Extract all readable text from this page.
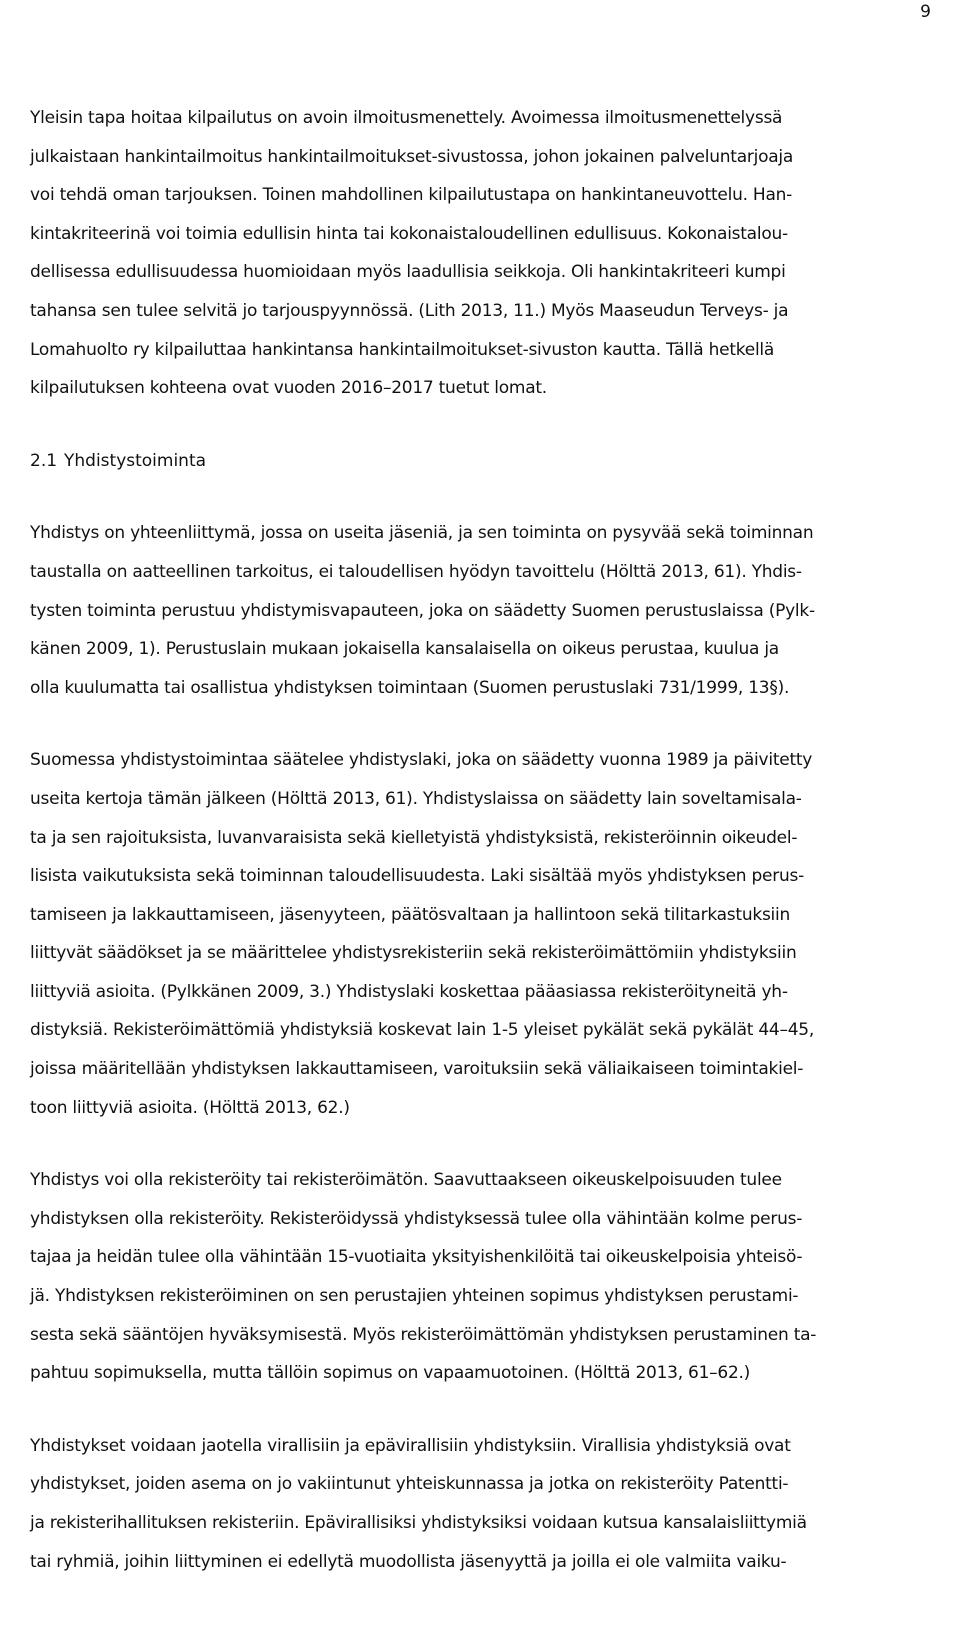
9
Yleisin tapa hoitaa kilpailutus on avoin ilmoitusmenettely. Avoimessa ilmoitusmenettelyssä
julkaistaan hankintailmoitus hankintailmoitukset-sivustossa, johon jokainen palveluntarjoaja
voi tehdä oman tarjouksen. Toinen mahdollinen kilpailutustapa on hankintaneuvottelu. Han-
kintakriteerinä voi toimia edullisin hinta tai kokonaistaloudellinen edullisuus. Kokonaistalou-
dellisessa edullisuudessa huomioidaan myös laadullisia seikkoja. Oli hankintakriteeri kumpi
tahansa sen tulee selvitä jo tarjouspyynnössä. (Lith 2013, 11.) Myös Maaseudun Terveys- ja
Lomahuolto ry kilpailuttaa hankintansa hankintailmoitukset-sivuston kautta. Tällä hetkellä
kilpailutuksen kohteena ovat vuoden 2016–2017 tuetut lomat.
2.1 Yhdistystoiminta
Yhdistys on yhteenliittymä, jossa on useita jäseniä, ja sen toiminta on pysyvää sekä toiminnan
taustalla on aatteellinen tarkoitus, ei taloudellisen hyödyn tavoittelu (Hölttä 2013, 61). Yhdis-
tysten toiminta perustuu yhdistymisvapauteen, joka on säädetty Suomen perustuslaissa (Pylk-
känen 2009, 1). Perustuslain mukaan jokaisella kansalaisella on oikeus perustaa, kuulua ja
olla kuulumatta tai osallistua yhdistyksen toimintaan (Suomen perustuslaki 731/1999, 13§).
Suomessa yhdistystoimintaa säätelee yhdistyslaki, joka on säädetty vuonna 1989 ja päivitetty
useita kertoja tämän jälkeen (Hölttä 2013, 61). Yhdistyslaissa on säädetty lain soveltamisala-
ta ja sen rajoituksista, luvanvaraisista sekä kielletyistä yhdistyksistä, rekisteröinnin oikeudel-
lisista vaikutuksista sekä toiminnan taloudellisuudesta. Laki sisältää myös yhdistyksen perus-
tamiseen ja lakkauttamiseen, jäsenyyteen, päätösvaltaan ja hallintoon sekä tilitarkastuksiin
liittyvät säädökset ja se määrittelee yhdistysrekisteriin sekä rekisteröimättömiin yhdistyksiin
liittyviä asioita. (Pylkkänen 2009, 3.) Yhdistyslaki koskettaa pääasiassa rekisteröityneitä yh-
distyksiä. Rekisteröimättömiä yhdistyksiä koskevat lain 1-5 yleiset pykälät sekä pykälät 44–45,
joissa määritellään yhdistyksen lakkauttamiseen, varoituksiin sekä väliaikaiseen toimintakiel-
toon liittyviä asioita. (Hölttä 2013, 62.)
Yhdistys voi olla rekisteröity tai rekisteröimätön. Saavuttaakseen oikeuskelpoisuuden tulee
yhdistyksen olla rekisteröity. Rekisteröidyssä yhdistyksessä tulee olla vähintään kolme perus-
tajaa ja heidän tulee olla vähintään 15-vuotiaita yksityishenkilöitä tai oikeuskelpoisia yhteisö-
jä. Yhdistyksen rekisteröiminen on sen perustajien yhteinen sopimus yhdistyksen perustami-
sesta sekä sääntöjen hyväksymisestä. Myös rekisteröimättömän yhdistyksen perustaminen ta-
pahtuu sopimuksella, mutta tällöin sopimus on vapaamuotoinen. (Hölttä 2013, 61–62.)
Yhdistykset voidaan jaotella virallisiin ja epävirallisiin yhdistyksiin. Virallisia yhdistyksiä ovat
yhdistykset, joiden asema on jo vakiintunut yhteiskunnassa ja jotka on rekisteröity Patentti-
ja rekisterihallituksen rekisteriin. Epävirallisiksi yhdistyksiksi voidaan kutsua kansalaisliittymiä
tai ryhmiä, joihin liittyminen ei edellytä muodollista jäsenyyttä ja joilla ei ole valmiita vaiku-
